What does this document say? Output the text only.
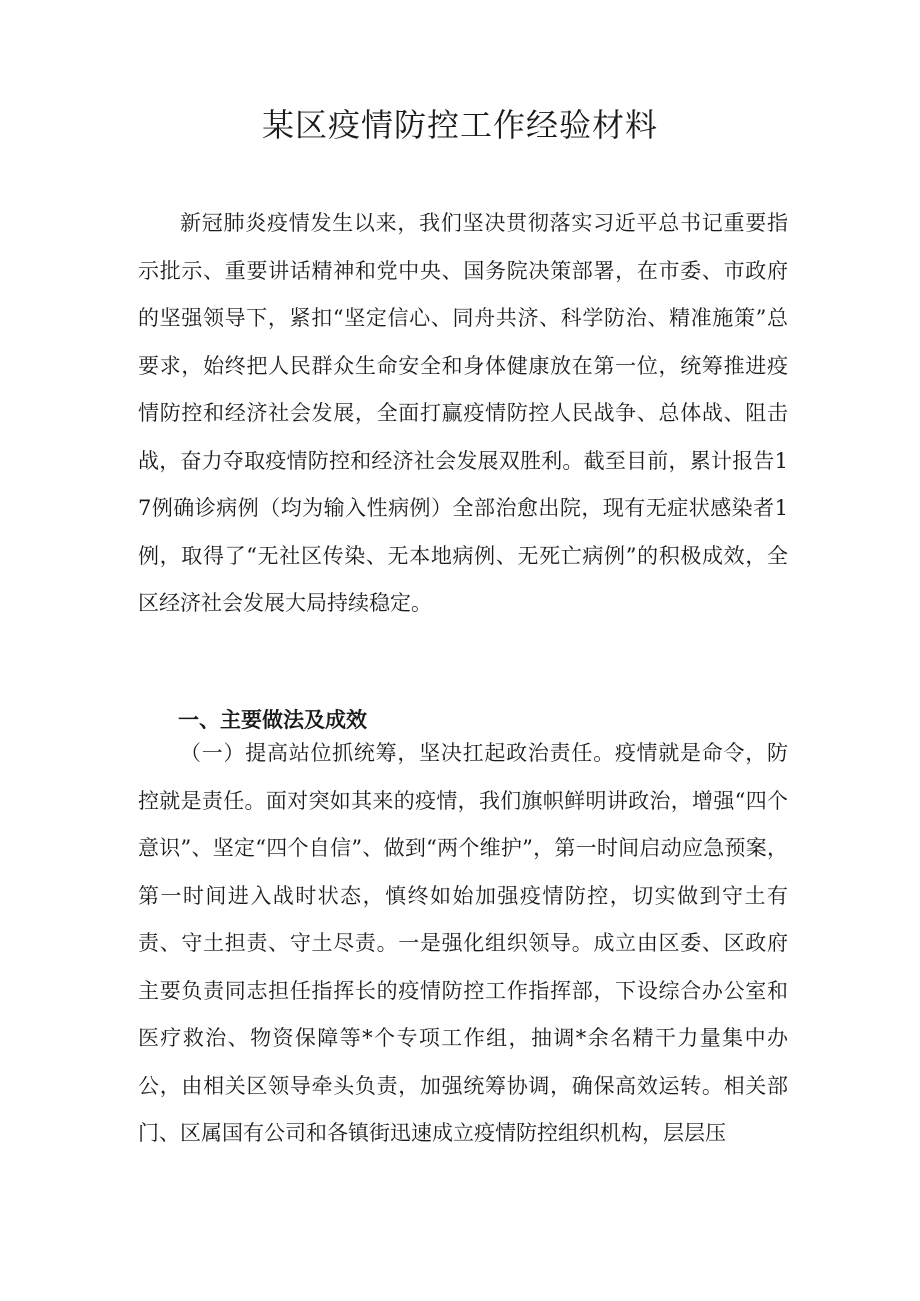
某区疫情防控工作经验材料

新冠肺炎疫情发生以来，我们坚决贯彻落实习近平总书记重要指示批示、重要讲话精神和党中央、国务院决策部署，在市委、市政府的坚强领导下，紧扣“坚定信心、同舟共济、科学防治、精准施策”总要求，始终把人民群众生命安全和身体健康放在第一位，统筹推进疫情防控和经济社会发展，全面打赢疫情防控人民战争、总体战、阻击战，奋力夺取疫情防控和经济社会发展双胜利。截至目前，累计报告17例确诊病例（均为输入性病例）全部治愈出院，现有无症状感染者1例，取得了“无社区传染、无本地病例、无死亡病例”的积极成效，全区经济社会发展大局持续稳定。

一、主要做法及成效

（一）提高站位抓统筹，坚决扛起政治责任。疫情就是命令，防控就是责任。面对突如其来的疫情，我们旗帜鲜明讲政治，增强“四个意识”、坚定“四个自信”、做到“两个维护”，第一时间启动应急预案，第一时间进入战时状态，慎终如始加强疫情防控，切实做到守土有责、守土担责、守土尽责。一是强化组织领导。成立由区委、区政府主要负责同志担任指挥长的疫情防控工作指挥部，下设综合办公室和医疗救治、物资保障等*个专项工作组，抽调*余名精干力量集中办公，由相关区领导牵头负责，加强统筹协调，确保高效运转。相关部门、区属国有公司和各镇街迅速成立疫情防控组织机构，层层压
